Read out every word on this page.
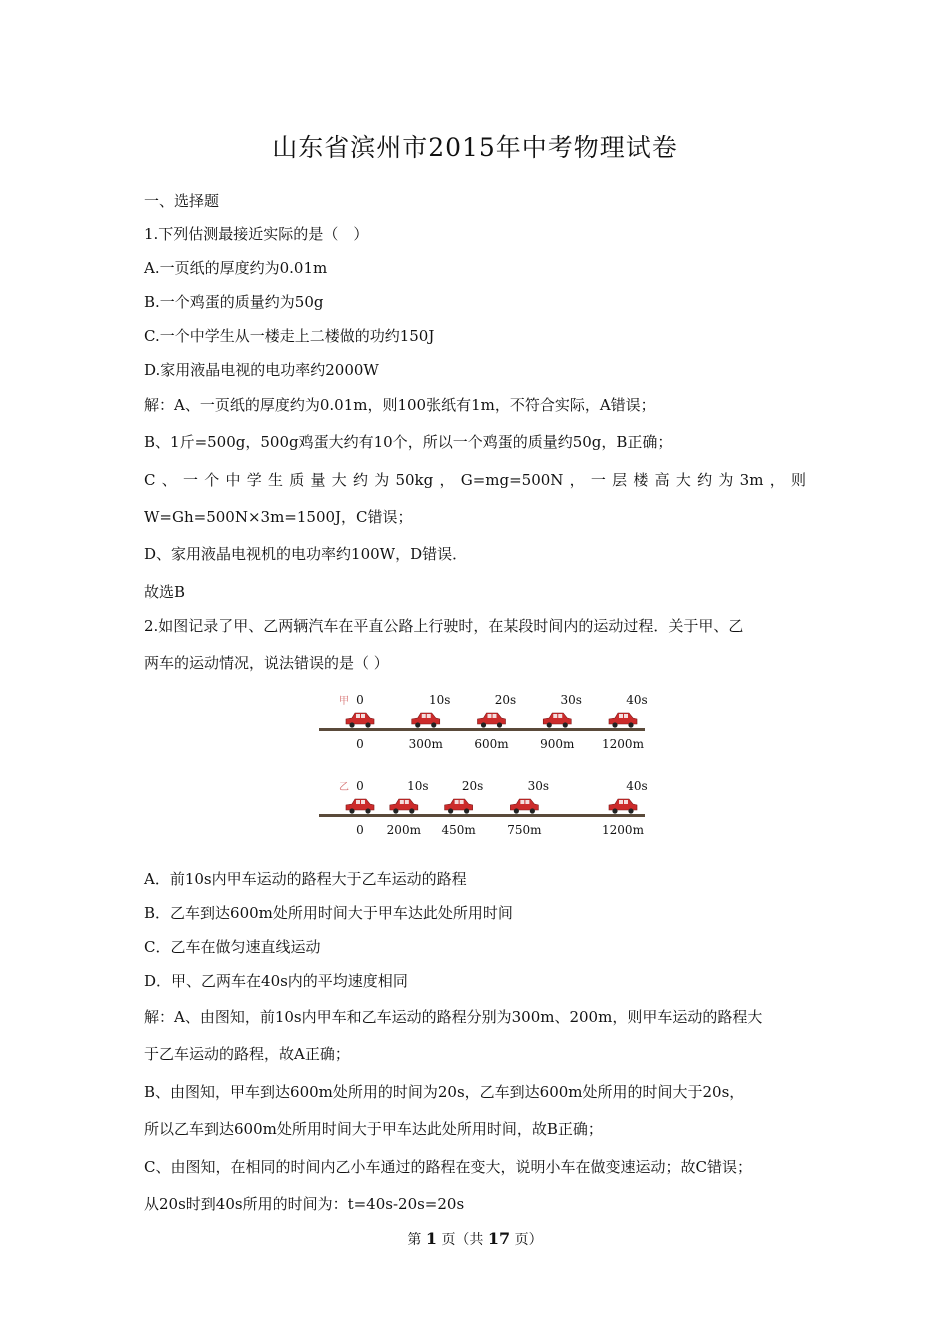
山东省滨州市2015年中考物理试卷
一、选择题
1.下列估测最接近实际的是（　）
A.一页纸的厚度约为0.01m
B.一个鸡蛋的质量约为50g
C.一个中学生从一楼走上二楼做的功约150J
D.家用液晶电视的电功率约2000W
解：A、一页纸的厚度约为0.01m，则100张纸有1m，不符合实际，A错误；
B、1斤=500g，500g鸡蛋大约有10个，所以一个鸡蛋的质量约50g，B正确；
C 、 一 个 中 学 生 质 量 大 约 为 50kg ， G=mg=500N ， 一 层 楼 高 大 约 为 3m ， 则
W=Gh=500N×3m=1500J，C错误；
D、家用液晶电视机的电功率约100W，D错误．
故选B
2.如图记录了甲、乙两辆汽车在平直公路上行驶时，在某段时间内的运动过程．关于甲、乙
两车的运动情况，说法错误的是（ ）
甲 0
0
10s
300m
20s
600m
30s
900m
40s
1200m
乙 0
0
10s
200m
20s
450m
30s
750m
40s
1200m
A．前10s内甲车运动的路程大于乙车运动的路程
B．乙车到达600m处所用时间大于甲车达此处所用时间
C．乙车在做匀速直线运动
D．甲、乙两车在40s内的平均速度相同
解：A、由图知，前10s内甲车和乙车运动的路程分别为300m、200m，则甲车运动的路程大
于乙车运动的路程，故A正确；
B、由图知，甲车到达600m处所用的时间为20s，乙车到达600m处所用的时间大于20s，
所以乙车到达600m处所用时间大于甲车达此处所用时间，故B正确；
C、由图知，在相同的时间内乙小车通过的路程在变大，说明小车在做变速运动；故C错误；
从20s时到40s所用的时间为：t=40s-20s=20s
第 1 页（共 17 页）
